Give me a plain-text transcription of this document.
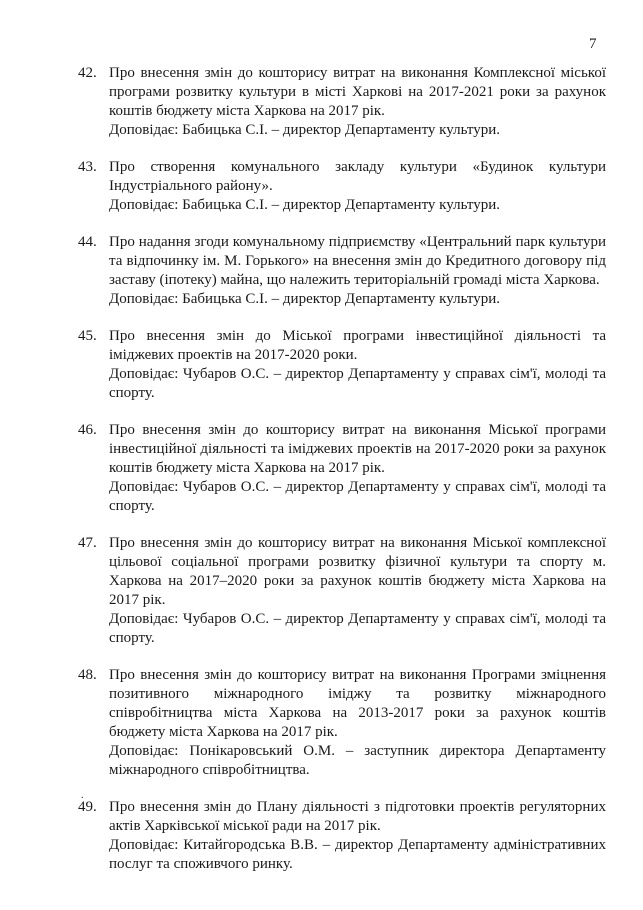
7
42. Про внесення змін до кошторису витрат на виконання Комплексної міської програми розвитку культури в місті Харкові на 2017-2021 роки за рахунок коштів бюджету міста Харкова на 2017 рік.
Доповідає: Бабицька С.І. – директор Департаменту культури.
43. Про створення комунального закладу культури «Будинок культури Індустріального району».
Доповідає: Бабицька С.І. – директор Департаменту культури.
44. Про надання згоди комунальному підприємству «Центральний парк культури та відпочинку ім. М. Горького» на внесення змін до Кредитного договору під заставу (іпотеку) майна, що належить територіальній громаді міста Харкова.
Доповідає: Бабицька С.І. – директор Департаменту культури.
45. Про внесення змін до Міської програми інвестиційної діяльності та іміджевих проектів на 2017-2020 роки.
Доповідає: Чубаров О.С. – директор Департаменту у справах сім'ї, молоді та спорту.
46. Про внесення змін до кошторису витрат на виконання Міської програми інвестиційної діяльності та іміджевих проектів на 2017-2020 роки за рахунок коштів бюджету міста Харкова на 2017 рік.
Доповідає: Чубаров О.С. – директор Департаменту у справах сім'ї, молоді та спорту.
47. Про внесення змін до кошторису витрат на виконання Міської комплексної цільової соціальної програми розвитку фізичної культури та спорту м. Харкова на 2017–2020 роки за рахунок коштів бюджету міста Харкова на 2017 рік.
Доповідає: Чубаров О.С. – директор Департаменту у справах сім'ї, молоді та спорту.
48. Про внесення змін до кошторису витрат на виконання Програми зміцнення позитивного міжнародного іміджу та розвитку міжнародного співробітництва міста Харкова на 2013-2017 роки за рахунок коштів бюджету міста Харкова на 2017 рік.
Доповідає: Понікаровський О.М. – заступник директора Департаменту міжнародного співробітництва.
49. Про внесення змін до Плану діяльності з підготовки проектів регуляторних актів Харківської міської ради на 2017 рік.
Доповідає: Китайгородська В.В. – директор Департаменту адміністративних послуг та споживчого ринку.
.
